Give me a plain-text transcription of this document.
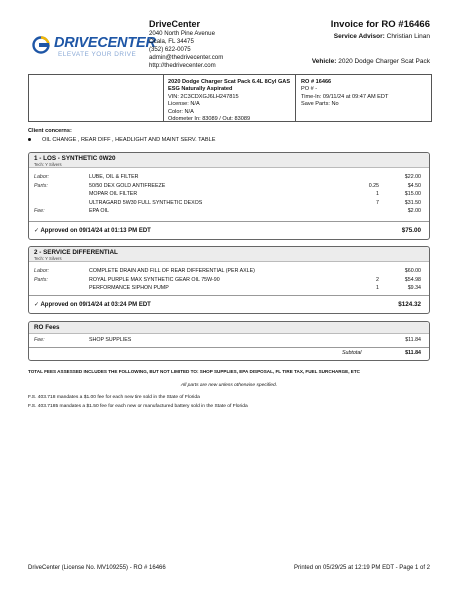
DRIVECENTER
ELEVATE YOUR DRIVE
DriveCenter
2040 North Pine Avenue
Ocala, FL 34475
(352) 622-0075
admin@thedrivecenter.com
http://thedrivecenter.com
Invoice for RO #16466
Service Advisor: Christian Linan
Vehicle: 2020 Dodge Charger Scat Pack
2020 Dodge Charger Scat Pack 6.4L 8Cyl GAS ESG Naturally Aspirated
VIN: 2C3CDXGJ6LH247815
License: N/A
Color: N/A
Odometer In: 83089 / Out: 83089
RO # 16466
PO # -
Time-In: 09/11/24 at 09:47 AM EDT
Save Parts: No
Client concerns:
OIL CHANGE , REAR DIFF , HEADLIGHT AND MAINT SERV. TABLE
1 - LOS - SYNTHETIC 0W20
Tech: Y Silvers
Labor:	LUBE, OIL & FILTER	$22.00
Parts:	50/50 DEX GOLD ANTIFREEZE	0.25	$4.50
MOPAR OIL FILTER	1	$15.00
ULTRAGARD 5W30 FULL SYNTHETIC DEXOS	7	$31.50
Fee:	EPA OIL	$2.00
✓ Approved on 09/14/24 at 01:13 PM EDT	$75.00
2 - SERVICE DIFFERENTIAL
Tech: Y Silvers
Labor:	COMPLETE DRAIN AND FILL OF REAR DIFFERENTIAL (PER AXLE)	$60.00
Parts:	ROYAL PURPLE MAX SYNTHETIC GEAR OIL 75W-90	2	$54.98
PERFORMANCE SIPHON PUMP	1	$9.34
✓ Approved on 09/14/24 at 03:24 PM EDT	$124.32
RO Fees
Fee:	SHOP SUPPLIES	$11.84
Subtotal	$11.84
TOTAL FEES ASSESSED INCLUDES THE FOLLOWING, BUT NOT LIMITED TO: SHOP SUPPLIES, EPA DISPOSAL, FL TIRE TAX, FUEL SURCHARGE, ETC
All parts are new unless otherwise specified.
F.S. 403.718 mandates a $1.00 fee for each new tire sold in the State of Florida
F.S. 403.7185 mandates a $1.50 fee for each new or manufactured battery sold in the State of Florida
DriveCenter (License No. MV109255) - RO # 16466	Printed on 05/29/25 at 12:19 PM EDT - Page 1 of 2
